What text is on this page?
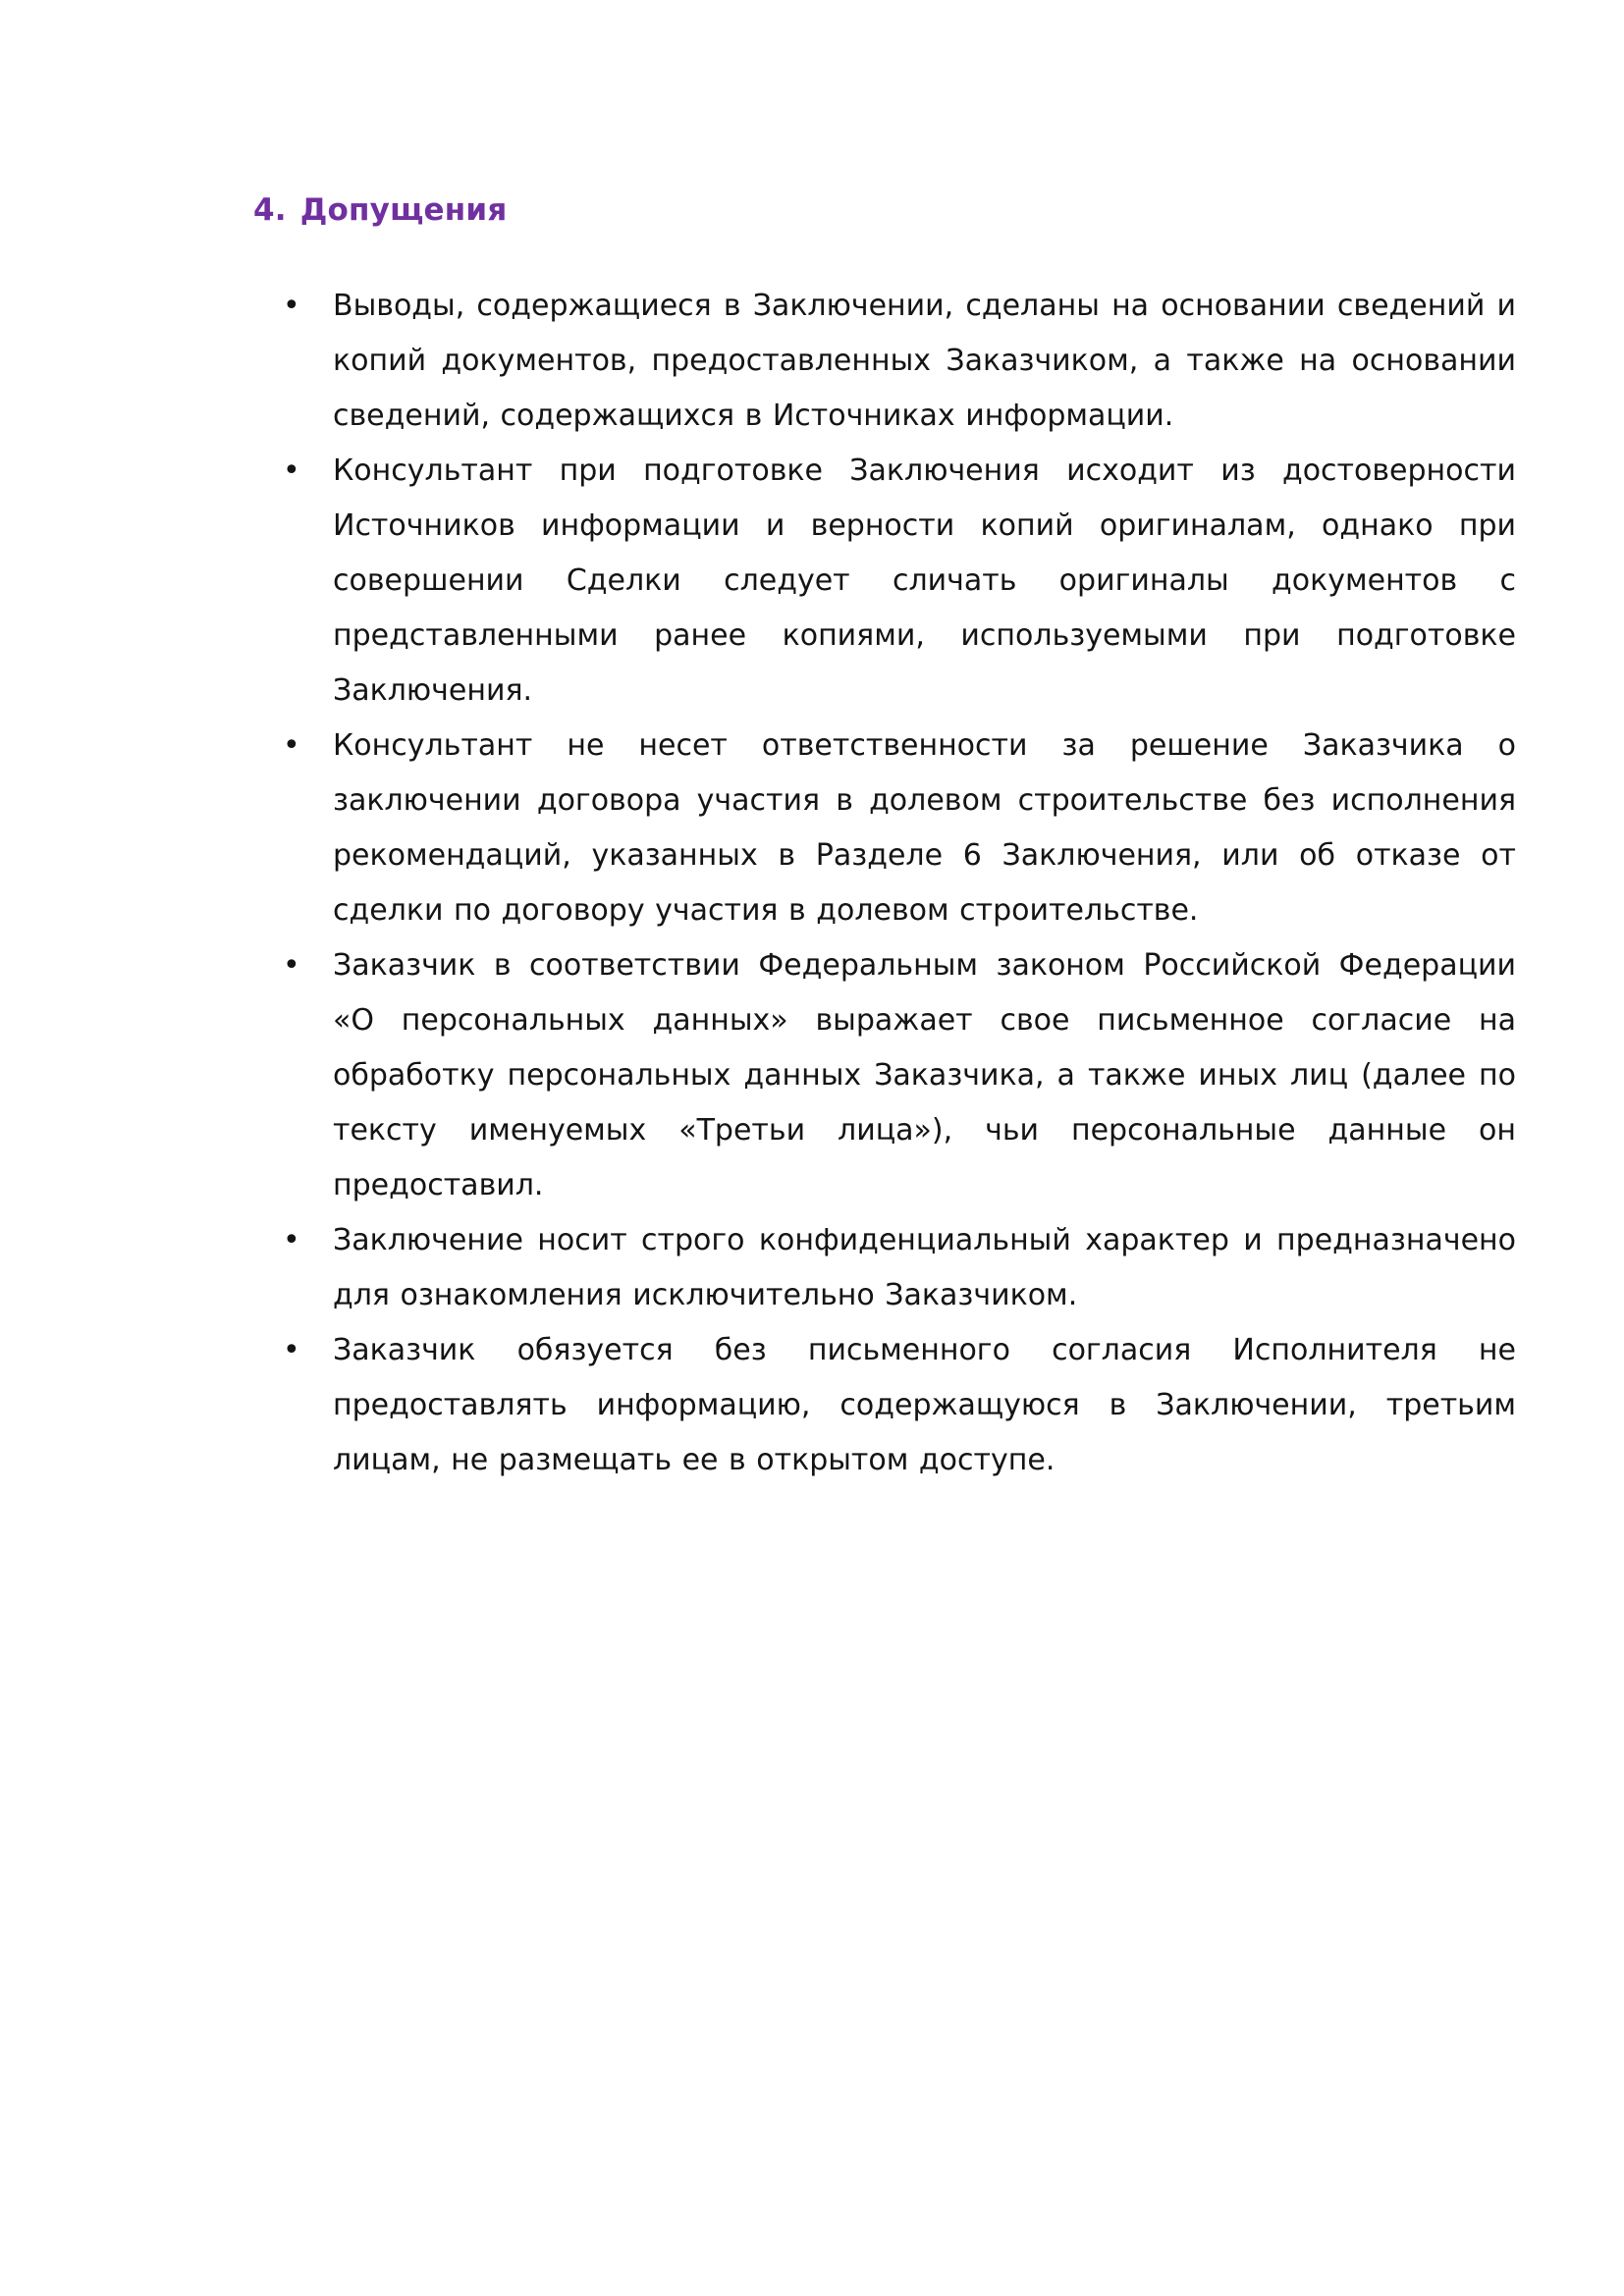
4. Допущения
• Выводы, содержащиеся в Заключении, сделаны на основании сведений и копий документов, предоставленных Заказчиком, а также на основании сведений, содержащихся в Источниках информации.
• Консультант при подготовке Заключения исходит из достоверности Источников информации и верности копий оригиналам, однако при совершении Сделки следует сличать оригиналы документов с представленными ранее копиями, используемыми при подготовке Заключения.
• Консультант не несет ответственности за решение Заказчика о заключении договора участия в долевом строительстве без исполнения рекомендаций, указанных в Разделе 6 Заключения, или об отказе от сделки по договору участия в долевом строительстве.
• Заказчик в соответствии Федеральным законом Российской Федерации «О персональных данных» выражает свое письменное согласие на обработку персональных данных Заказчика, а также иных лиц (далее по тексту именуемых «Третьи лица»), чьи персональные данные он предоставил.
• Заключение носит строго конфиденциальный характер и предназначено для ознакомления исключительно Заказчиком.
• Заказчик обязуется без письменного согласия Исполнителя не предоставлять информацию, содержащуюся в Заключении, третьим лицам, не размещать ее в открытом доступе.
